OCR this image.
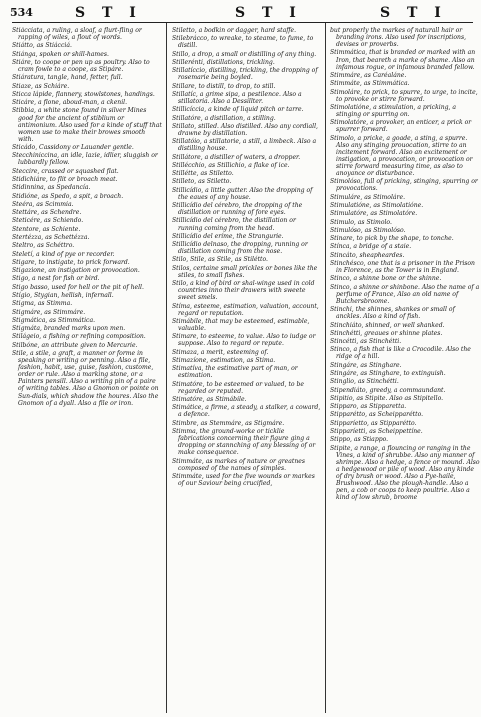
534	S T I	S T I	S T I

Stiácciata, a ruling, a sloaf, a flurt-fling or rapping of wiles, a flout of words.

Stiátto, as Stiácciá.

Stiánga, spoken or shill-hames.

Stiáre, to coope or pen up as poultry. Also to cram fowle to a coope, as Stipáre.

Stiáratura, tangle, hand, fetter, full.

Stiaze, as Schiáre.

Sticca lápide, flannery, stowlstones, handings.

Sticáre, a flone, aboud-man, a ckenil.

Stibbia, a white stone found in silver Mines good for the ancient of stiblium or antimonium. Also used for a kinde of stuff that women use to make their browes smooth with.

Sticádo, Cassidony or Lauander gentle.

Stecchiniccina, an idle, lazie, idlier, sluggish or lubbardly fellow.

Steccire, crassed or squashed flat.

Stidichiáre, to flit or broach meat.

Stidinnina, as Spedancía.

Stidióne, as Spedo, a spit, a broach.

Steéra, as Scimmia.

Stettáre, as Schendre.

Steticére, as Schiendo.

Stentore, as Schiente.

Stertézza, as Schettézza.

Steltro, as Schéttro.

Steletí, a kind of pye or recorder.

Stigare, to instigate, to prick forward.

Stigazione, an instigation or provocation.

Stigo, a nest for fish or bird.

Stigo basso, used for hell or the pit of hell.

Stígio, Stygian, hellish, infernall.

Stigma, as Stimma.

Stigmáre, as Stimmáre.

Stigmática, as Stimmática.

Stigmáta, branded marks upon men.

Stilágeio, a fishing or refining composition.

Stilbóne, an attribute given to Mercurie.

Stile, a stile, a graft, a manner or forme in speaking or writing or penning. Also a file, fashion, habit, use, guise, fashion, custome, order or rule. Also a marking stone, or a Painters pensill. Also a writing pin of a paire of writing tables. Also a Gnomon or pointe on Sun-dials, which shadow the houres. Also the Gnomon of a dyall. Also a file or iron.

Stiletto, a bodkin or dagger, hard staffe.

Stilebrácco, to wreake, to steame, to fume, to distill.

Stillo, a drop, a small or distilling of any thing.

Stillerénti, distillations, trickling.

Stillatíccio, distilling, trickling, the dropping of rosemarie being boyled.

Stillare, to distill, to drop, to still.

Stillatíc, a grime sipa, a pestilence. Also a stillatoria. Also a Dessillter.

Stillicíccia, a kinde of liquid pitch or tarre.

Stillatóre, a distillation, a stilling.

Stillato, stilled. Also distilled. Also any cordiall, drawne by distillation.

Stillatóio, a stillatorie, a still, a limbeck. Also a distilling house.

Stillátore, a distiller of waters, a dropper.

Stillécchio, as Stillichio, a flake of ice.

Stillétte, as Stiletto.

Stilleto, as Stiletto.

Stillicídio, a little gutter. Also the dropping of the eaues of any house.

Stillicídio del cérebro, the dropping of the distillation or running of fore eyes.

Stillicídio del cérebro, the distillation or running coming from the head.

Stillicídio del eríme, the Strangurie.

Stillicídio delnaso, the dropping, running or distillation coming from the nose.

Stilo, Stile, as Stile, as Stilétto.

Stilos, certaine small prickles or bones like the stiles, to small fishes.

Stilo, a kind of bird or shal-winge used in cold countries inno their drawers with sweete sweet smels.

Stíma, esteeme, estimation, valuation, account, regard or reputation.

Stimábile, that may be esteemed, estimable, valuable.

Stimare, to esteeme, to value. Also to iudge or suppose. Also to regard or repute.

Stimaza, a merit, esteeming of.

Stimazíone, estimation, as Stima.

Stimatíva, the estimative part of man, or estimation.

Stimatóre, to be esteemed or valued, to be regarded or reputed.

Stimatóre, as Stimábile.

Stimátice, a firme, a steady, a stalker, a coward, a defence.

Stimbre, as Stemmáre, as Stigmáre.

Stimma, the ground-worke or ticklie fabrications concerning their figure ging a dropping or stannching of any blessing of or make consequence.

Stimmáte, as markes of nature or greatnes composed of the names of simples.

Stimmáte, used for the five wounds or markes of our Saviour being crucified,

but properly the markes of naturall hair or branding irons. Also used for inscriptions, devises or proverbs.

Stimmática, that is branded or marked with an Iron, that beareth a marke of shame. Also an infamous rogue, or infamous branded fellow.

Stimmáre, as Caréaláne.

Stimmáte, as Stimmática.

Stimoláre, to prick, to spurre, to urge, to incite, to provoke or stirre forward.

Stimolatióne, a stimulation, a pricking, a stinging or spurring on.

Stimolatóre, a provoker, an enticer, a prick or spurrer forward.

Stimolo, a pricke, a goade, a sting, a spurre. Also any stinging prouocation, stirre to an incitement forward. Also an excitement or instigation, a provocation, or provocation or stirre forward measuring time, as also to anoyance or disturbance.

Stimolóso, full of pricking, stinging, spurring or provocations.

Stimuláre, as Stimoláre.

Stimulatióne, as Stimolatióne.

Stimulatóre, as Stimolatóre.

Stimulo, as Stimolo.

Stimulóso, as Stimolóso.

Stinare, to pick by the shape, to tonche.

Stínca, a bridge of a staie.

Stincáto, sheapheardes.

Stinchésco, one that is a prisoner in the Prison in Florence, as the Tower is in England.

Stinco, a shinne bone or the shinne.

Stinco, a shinne or shinbone. Also the name of a perfume of France, Also an old name of Butchersbroome.

Stinchi, the shinnes, shankes or small of anckles. Also a kind of fish.

Stinchiáto, shinned, or well shanked.

Stinchétti, greaues or shinne plates.

Stincétti, as Stinchétti.

Stinco, a fish that is like a Crocodile. Also the ridge of a hill.

Stingáre, as Stinghare.

Stingáre, as Stinghare, to extinguish.

Stinglio, as Stinchétti.

Stipendiáto, greedy, a commaundant.

Stipitio, as Stipite. Also as Stipitello.

Stipparo, as Stipparetta.

Stipparétto, as Scheipparétto.

Stipparíetto, as Stipparétto.

Stipparíetti, as Scheippettíne.

Stippo, as Stiappo.

Stipite, a range, a flouncing or ranging in the Vines, a kind of shrubbe. Also any manner of shrimpe. Also a hedge, a fence or mound. Also a hedgewood or pile of wood. Also any kinde of dry brush or wood. Also a Pye-haile, Brushwood. Also the plough-handle. Also a pen, a cob or coops to keep poultrie. Also a kind of low shrub, broome
